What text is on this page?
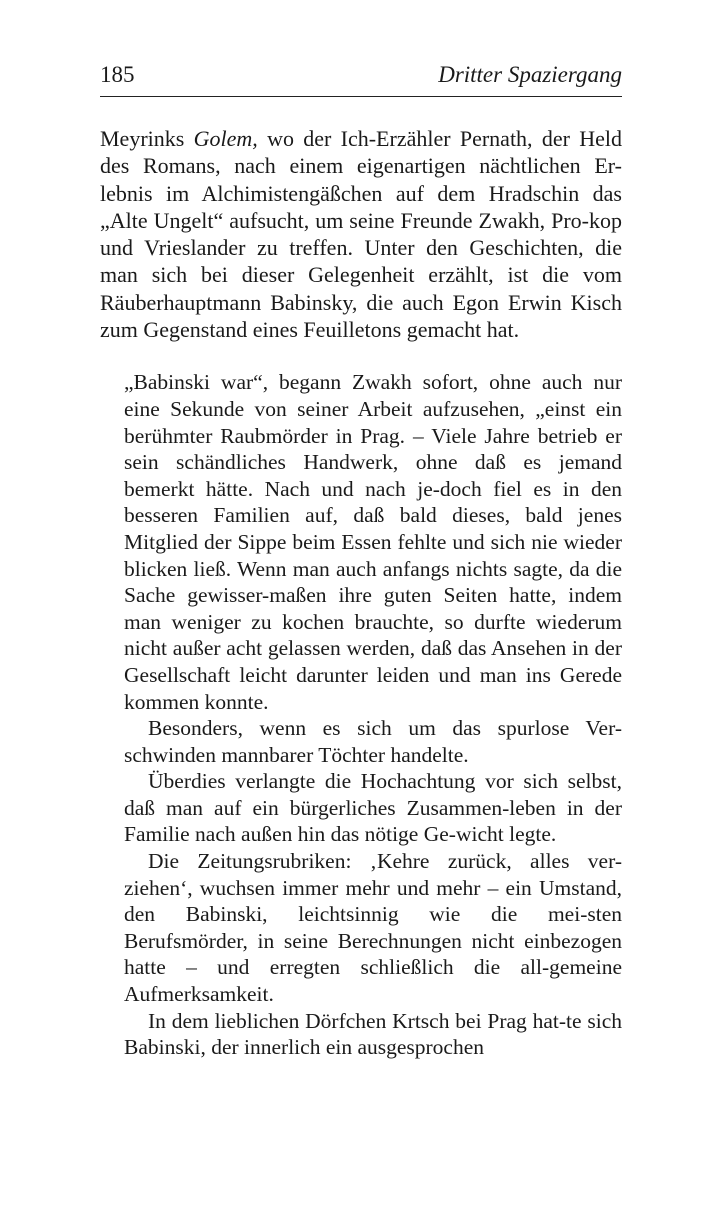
185	Dritter Spaziergang
Meyrinks Golem, wo der Ich-Erzähler Pernath, der Held des Romans, nach einem eigenartigen nächtlichen Er-lebnis im Alchimistengäßchen auf dem Hradschin das „Alte Ungelt“ aufsucht, um seine Freunde Zwakh, Pro-kop und Vrieslander zu treffen. Unter den Geschichten, die man sich bei dieser Gelegenheit erzählt, ist die vom Räuberhauptmann Babinsky, die auch Egon Erwin Kisch zum Gegenstand eines Feuilletons gemacht hat.

„Babinski war“, begann Zwakh sofort, ohne auch nur eine Sekunde von seiner Arbeit aufzusehen, „einst ein berühmter Raubmörder in Prag. – Viele Jahre betrieb er sein schändliches Handwerk, ohne daß es jemand bemerkt hätte. Nach und nach je-doch fiel es in den besseren Familien auf, daß bald dieses, bald jenes Mitglied der Sippe beim Essen fehlte und sich nie wieder blicken ließ. Wenn man auch anfangs nichts sagte, da die Sache gewisser-maßen ihre guten Seiten hatte, indem man weniger zu kochen brauchte, so durfte wiederum nicht außer acht gelassen werden, daß das Ansehen in der Gesellschaft leicht darunter leiden und man ins Gerede kommen konnte.

Besonders, wenn es sich um das spurlose Ver-schwinden mannbarer Töchter handelte.

Überdies verlangte die Hochachtung vor sich selbst, daß man auf ein bürgerliches Zusammen-leben in der Familie nach außen hin das nötige Ge-wicht legte.

Die Zeitungsrubriken: ‚Kehre zurück, alles ver-ziehen‘, wuchsen immer mehr und mehr – ein Umstand, den Babinski, leichtsinnig wie die mei-sten Berufsmörder, in seine Berechnungen nicht einbezogen hatte – und erregten schließlich die all-gemeine Aufmerksamkeit.

In dem lieblichen Dörfchen Krtsch bei Prag hat-te sich Babinski, der innerlich ein ausgesprochen
